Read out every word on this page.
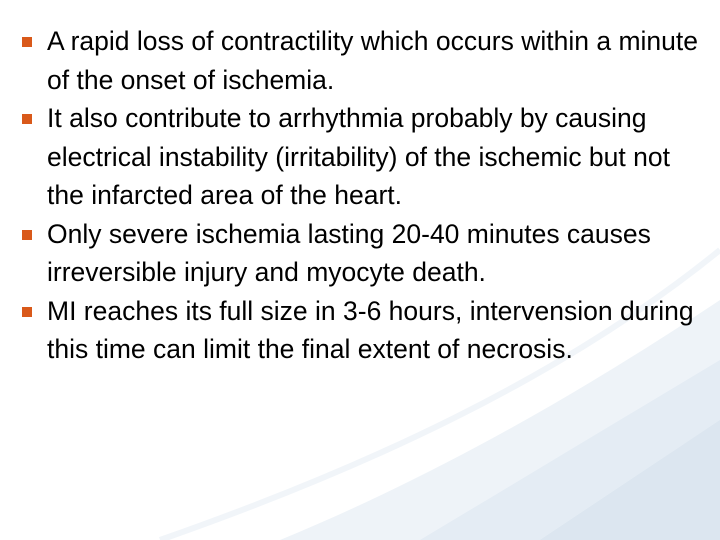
A rapid loss of contractility which occurs within a minute of the onset of ischemia.
It also contribute to arrhythmia probably by causing electrical instability (irritability) of the ischemic but not the infarcted area of the heart.
Only severe ischemia lasting 20-40 minutes causes irreversible injury and myocyte death.
MI reaches its full size in 3-6 hours, intervension during this time can limit the final extent of necrosis.
